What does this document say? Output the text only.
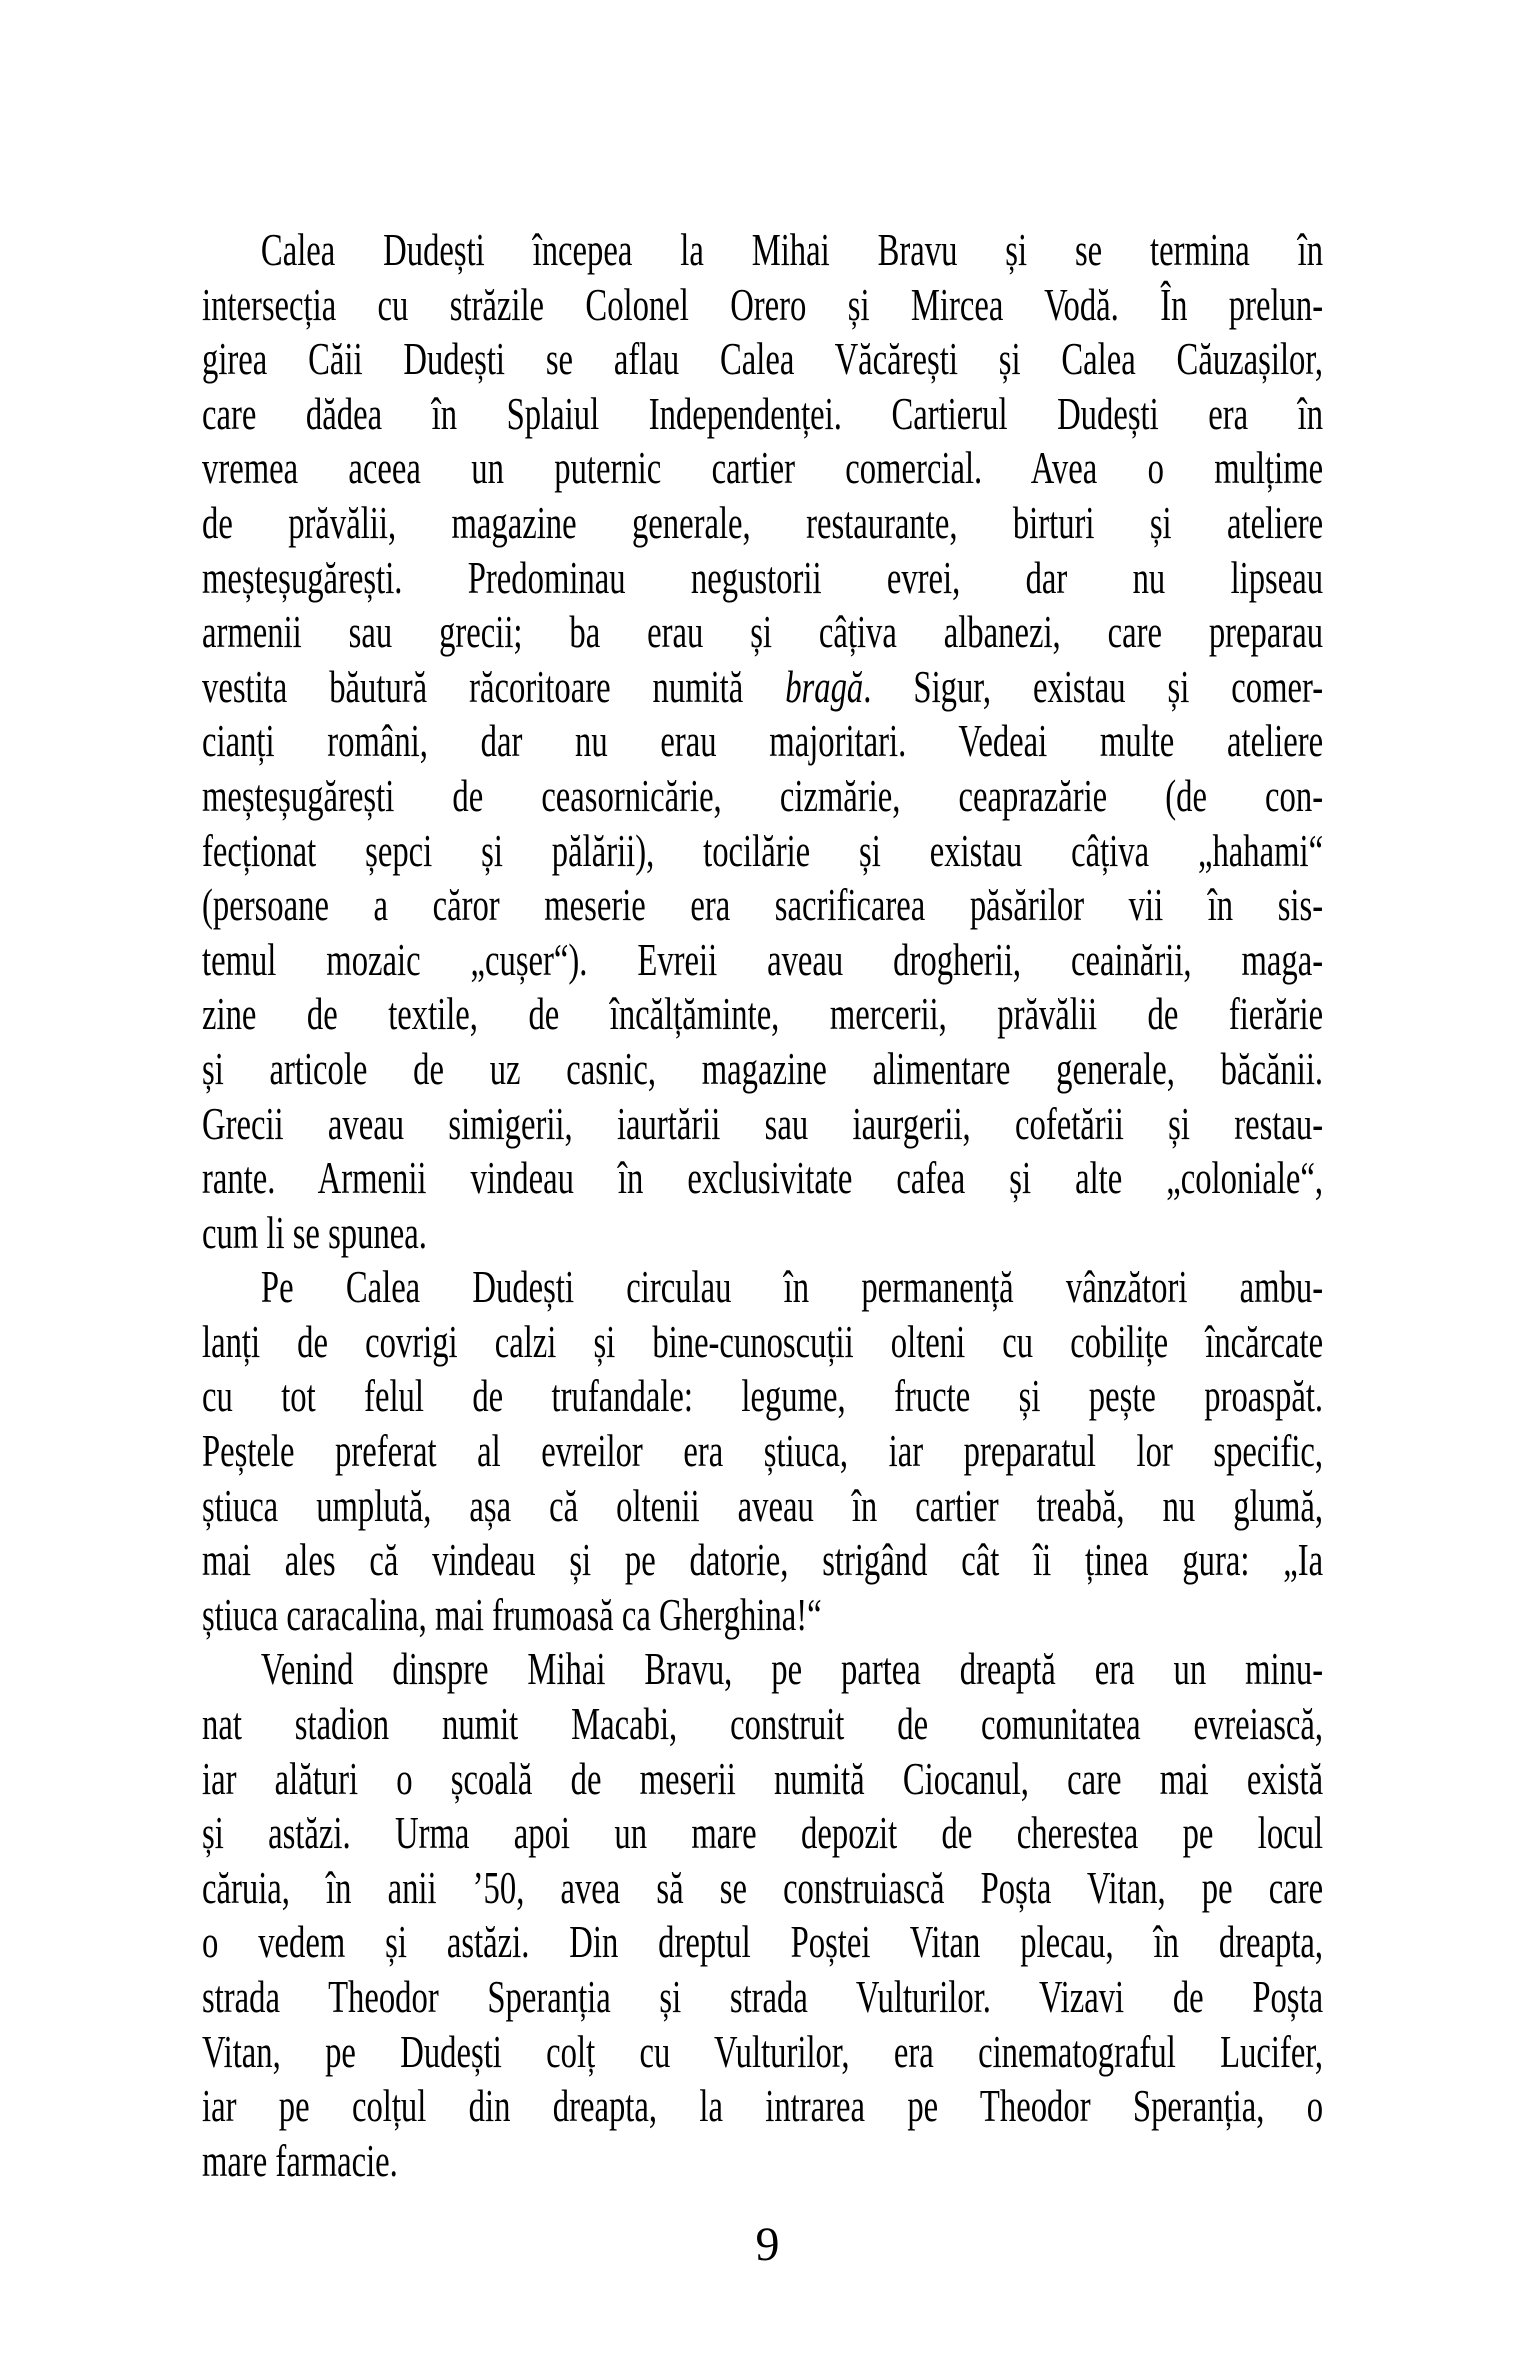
Calea Dudești începea la Mihai Bravu și se termina în
intersecția cu străzile Colonel Orero și Mircea Vodă. În prelun-
girea Căii Dudești se aflau Calea Văcărești și Calea Căuzașilor,
care dădea în Splaiul Independenței. Cartierul Dudești era în
vremea aceea un puternic cartier comercial. Avea o mulțime
de prăvălii, magazine generale, restaurante, birturi și ateliere
meșteșugărești. Predominau negustorii evrei, dar nu lipseau
armenii sau grecii; ba erau și câțiva albanezi, care preparau
vestita băutură răcoritoare numită bragă. Sigur, existau și comer-
cianți români, dar nu erau majoritari. Vedeai multe ateliere
meșteșugărești de ceasornicărie, cizmărie, ceaprazărie (de con-
fecționat șepci și pălării), tocilărie și existau câțiva „hahami“
(persoane a căror meserie era sacrificarea păsărilor vii în sis-
temul mozaic „cușer“). Evreii aveau drogherii, ceainării, maga-
zine de textile, de încălțăminte, mercerii, prăvălii de fierărie
și articole de uz casnic, magazine alimentare generale, băcănii.
Grecii aveau simigerii, iaurtării sau iaurgerii, cofetării și restau-
rante. Armenii vindeau în exclusivitate cafea și alte „coloniale“,
cum li se spunea.
Pe Calea Dudești circulau în permanență vânzători ambu-
lanți de covrigi calzi și bine-cunoscuții olteni cu cobilițe încărcate
cu tot felul de trufandale: legume, fructe și pește proaspăt.
Peștele preferat al evreilor era știuca, iar preparatul lor specific,
știuca umplută, așa că oltenii aveau în cartier treabă, nu glumă,
mai ales că vindeau și pe datorie, strigând cât îi ținea gura: „Ia
știuca caracalina, mai frumoasă ca Gherghina!“
Venind dinspre Mihai Bravu, pe partea dreaptă era un minu-
nat stadion numit Macabi, construit de comunitatea evreiască,
iar alături o școală de meserii numită Ciocanul, care mai există
și astăzi. Urma apoi un mare depozit de cherestea pe locul
căruia, în anii ’50, avea să se construiască Poșta Vitan, pe care
o vedem și astăzi. Din dreptul Poștei Vitan plecau, în dreapta,
strada Theodor Speranția și strada Vulturilor. Vizavi de Poșta
Vitan, pe Dudești colț cu Vulturilor, era cinematograful Lucifer,
iar pe colțul din dreapta, la intrarea pe Theodor Speranția, o
mare farmacie.
9
